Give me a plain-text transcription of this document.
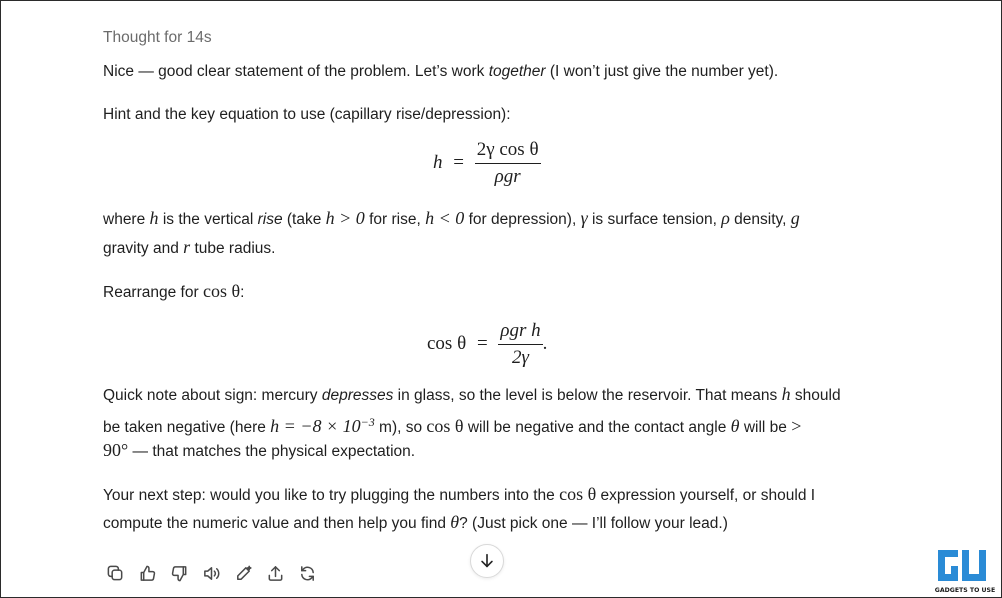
Thought for 14s

Nice — good clear statement of the problem. Let’s work together (I won’t just give the number yet).

Hint and the key equation to use (capillary rise/depression):

$h = \frac{\text{2γ cos θ}}{\text{ρgr}}$

where h is the vertical rise (take h > 0 for rise, h < 0 for depression), γ is surface tension, ρ density, g

gravity and r tube radius.

Rearrange for cos θ:

$\cos \theta = \frac{\text{ρgr h}}{2\gamma}$ .

Quick note about sign: mercury depresses in glass, so the level is below the reservoir. That means h should

be taken negative (here $h = -8 \times 10^{-3}$ m), so cos θ will be negative and the contact angle θ will be >

90° — that matches the physical expectation.

Your next step: would you like to try plugging the numbers into the cos θ expression yourself, or should I

compute the numeric value and then help you find θ? (Just pick one — I’ll follow your lead.)

GADGETS TO USE
